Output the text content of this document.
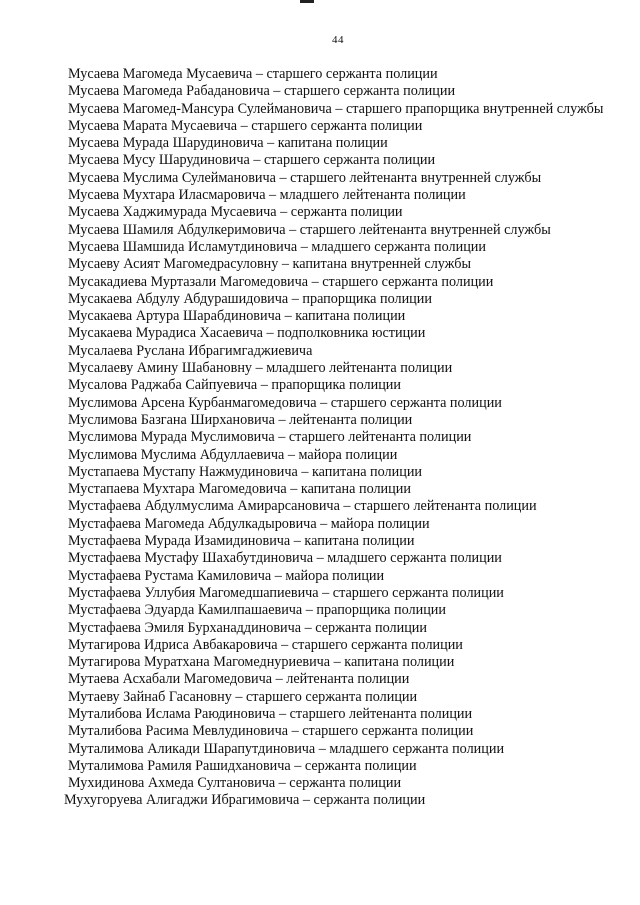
44
Мусаева Магомеда Мусаевича – старшего сержанта полиции
Мусаева Магомеда Рабадановича – старшего сержанта полиции
Мусаева Магомед-Мансура Сулеймановича – старшего прапорщика внутренней службы
Мусаева Марата Мусаевича – старшего сержанта полиции
Мусаева Мурада Шарудиновича – капитана полиции
Мусаева Мусу Шарудиновича – старшего сержанта полиции
Мусаева Муслима Сулеймановича – старшего лейтенанта внутренней службы
Мусаева Мухтара Иласмаровича – младшего лейтенанта полиции
Мусаева Хаджимурада Мусаевича – сержанта полиции
Мусаева Шамиля Абдулкеримовича – старшего лейтенанта внутренней службы
Мусаева Шамшида Исламутдиновича – младшего сержанта полиции
Мусаеву Асият Магомедрасуловну – капитана внутренней службы
Мусакадиева Муртазали Магомедовича – старшего сержанта полиции
Мусакаева Абдулу Абдурашидовича – прапорщика полиции
Мусакаева Артура Шарабдиновича – капитана полиции
Мусакаева Мурадиса Хасаевича – подполковника юстиции
Мусалаева Руслана Ибрагимгаджиевича
Мусалаеву Амину Шабановну – младшего лейтенанта полиции
Мусалова Раджаба Сайпуевича – прапорщика полиции
Муслимова Арсена Курбанмагомедовича – старшего сержанта полиции
Муслимова Базгана Ширхановича – лейтенанта полиции
Муслимова Мурада Муслимовича – старшего лейтенанта полиции
Муслимова Муслима Абдуллаевича – майора полиции
Мустапаева Мустапу Нажмудиновича – капитана полиции
Мустапаева Мухтара Магомедовича – капитана полиции
Мустафаева Абдулмуслима Амирарсановича – старшего лейтенанта полиции
Мустафаева Магомеда Абдулкадыровича – майора полиции
Мустафаева Мурада Изамидиновича – капитана полиции
Мустафаева Мустафу Шахабутдиновича – младшего сержанта полиции
Мустафаева Рустама Камиловича – майора полиции
Мустафаева Уллубия Магомедшапиевича – старшего сержанта полиции
Мустафаева Эдуарда Камилпашаевича – прапорщика полиции
Мустафаева Эмиля Бурханаддиновича – сержанта полиции
Мутагирова Идриса Авбакаровича – старшего сержанта полиции
Мутагирова Муратхана Магомеднуриевича – капитана полиции
Мутаева Асхабали Магомедовича – лейтенанта полиции
Мутаеву Зайнаб Гасановну – старшего сержанта полиции
Муталибова Ислама Раюдиновича – старшего лейтенанта полиции
Муталибова Расима Мевлудиновича – старшего сержанта полиции
Муталимова Аликади Шарапутдиновича – младшего сержанта полиции
Муталимова Рамиля Рашидхановича – сержанта полиции
Мухидинова Ахмеда Султановича – сержанта полиции
Мухугоруева Алигаджи Ибрагимовича – сержанта полиции
